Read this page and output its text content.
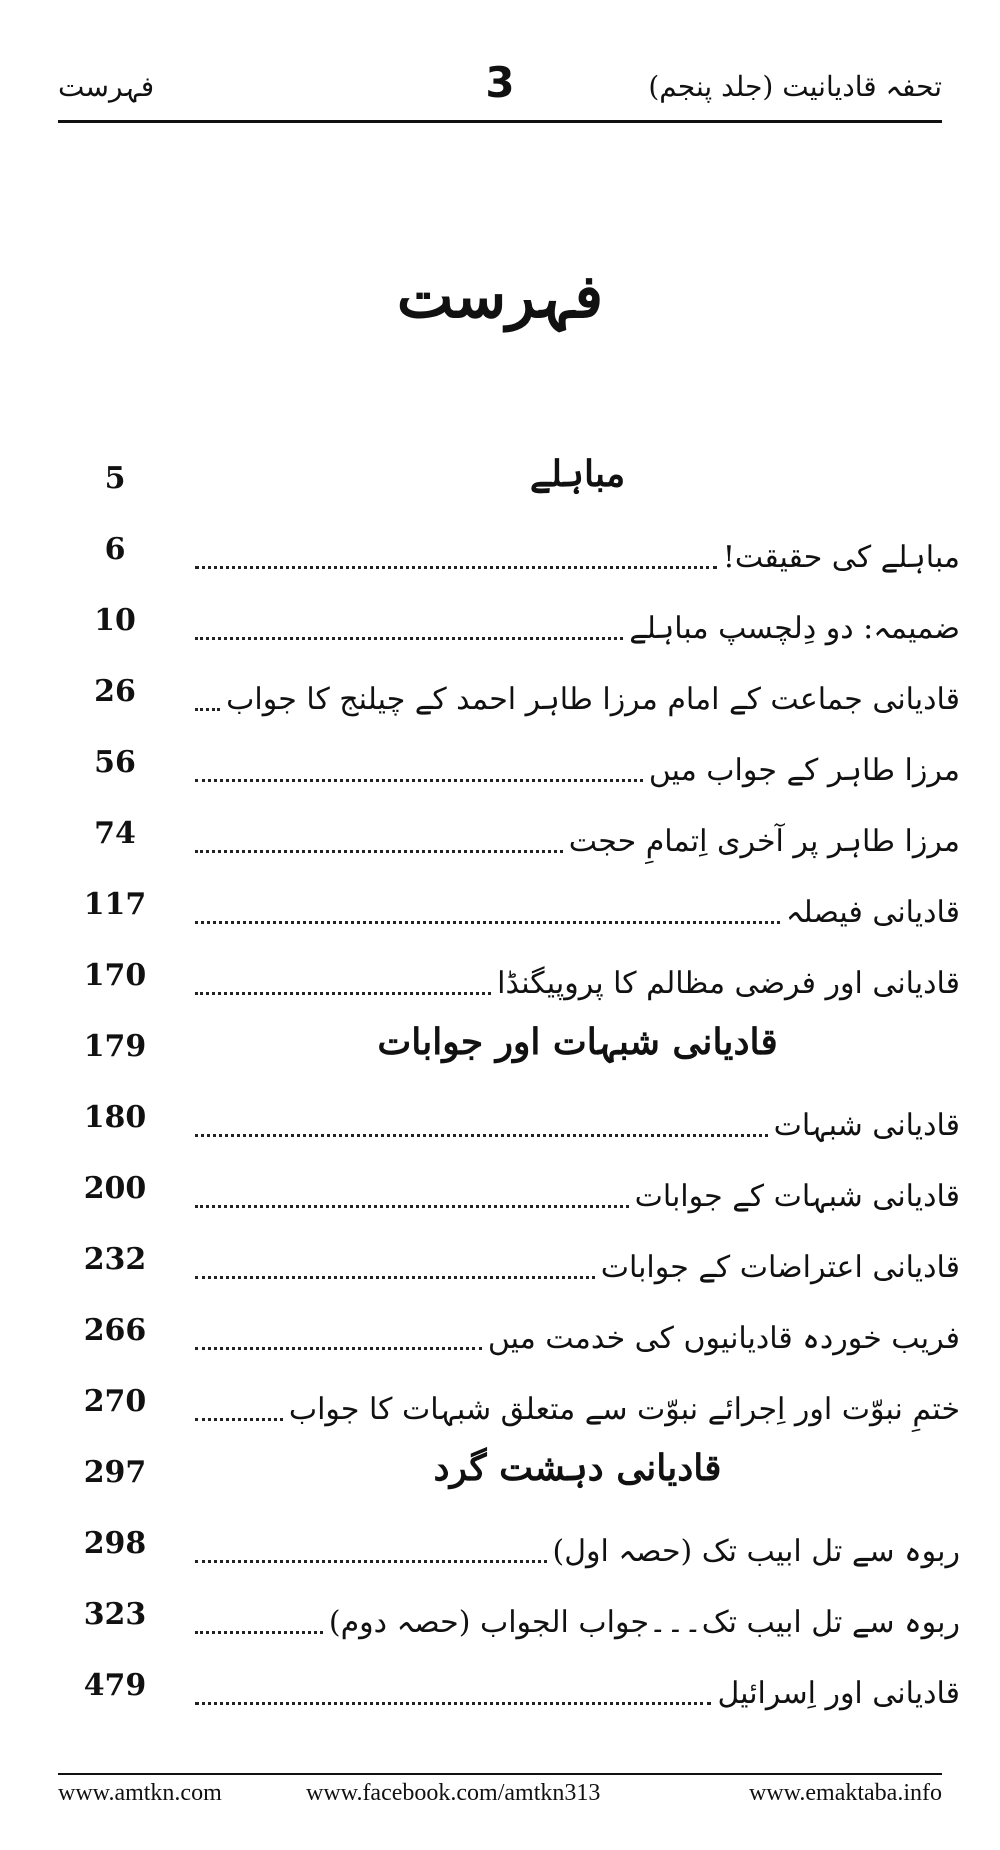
فہرست	3	تحفہ قادیانیت (جلد پنجم)
فہرست
5	مباہلے
6	مباہلے کی حقیقت!
10	ضمیمہ: دو دِلچسپ مباہلے
26	قادیانی جماعت کے امام مرزا طاہر احمد کے چیلنج کا جواب
56	مرزا طاہر کے جواب میں
74	مرزا طاہر پر آخری اِتمامِ حجت
117	قادیانی فیصلہ
170	قادیانی اور فرضی مظالم کا پروپیگنڈا
179	قادیانی شبہات اور جوابات
180	قادیانی شبہات
200	قادیانی شبہات کے جوابات
232	قادیانی اعتراضات کے جوابات
266	فریب خوردہ قادیانیوں کی خدمت میں
270	ختمِ نبوّت اور اِجرائے نبوّت سے متعلق شبہات کا جواب
297	قادیانی دہشت گرد
298	ربوہ سے تل ابیب تک (حصہ اول)
323	ربوہ سے تل ابیب تک۔۔۔جواب الجواب (حصہ دوم)
479	قادیانی اور اِسرائیل
www.amtkn.com	www.facebook.com/amtkn313	www.emaktaba.info
